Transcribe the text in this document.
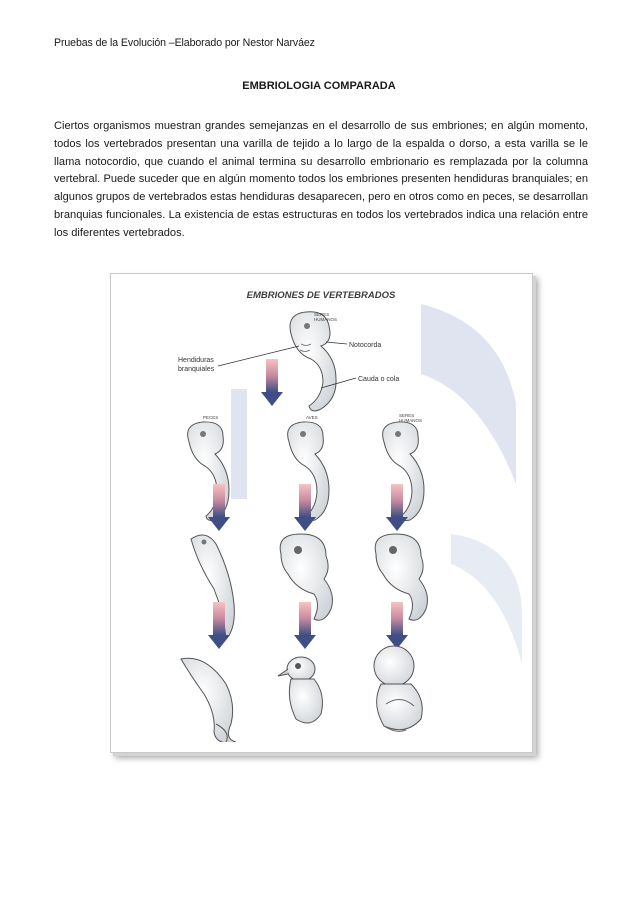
Pruebas de la Evolución –Elaborado por Nestor Narváez
EMBRIOLOGIA COMPARADA

Ciertos organismos muestran grandes semejanzas en el desarrollo de sus embriones; en algún momento, todos los vertebrados presentan una varilla de tejido a lo largo de la espalda o dorso, a esta varilla se le llama notocordio, que cuando el animal termina su desarrollo embrionario es remplazada por la columna vertebral. Puede suceder que en algún momento todos los embriones presenten hendiduras branquiales; en algunos grupos de vertebrados estas hendiduras desaparecen, pero en otros como en peces, se desarrollan branquias funcionales. La existencia de estas estructuras en todos los vertebrados indica una relación entre los diferentes vertebrados.

EMBRIONES DE VERTEBRADOS
SERES
HUMANOS
Hendiduras
branquiales
Notocorda
Cauda o cola
PECES	AVES	SERES
HUMANOS
